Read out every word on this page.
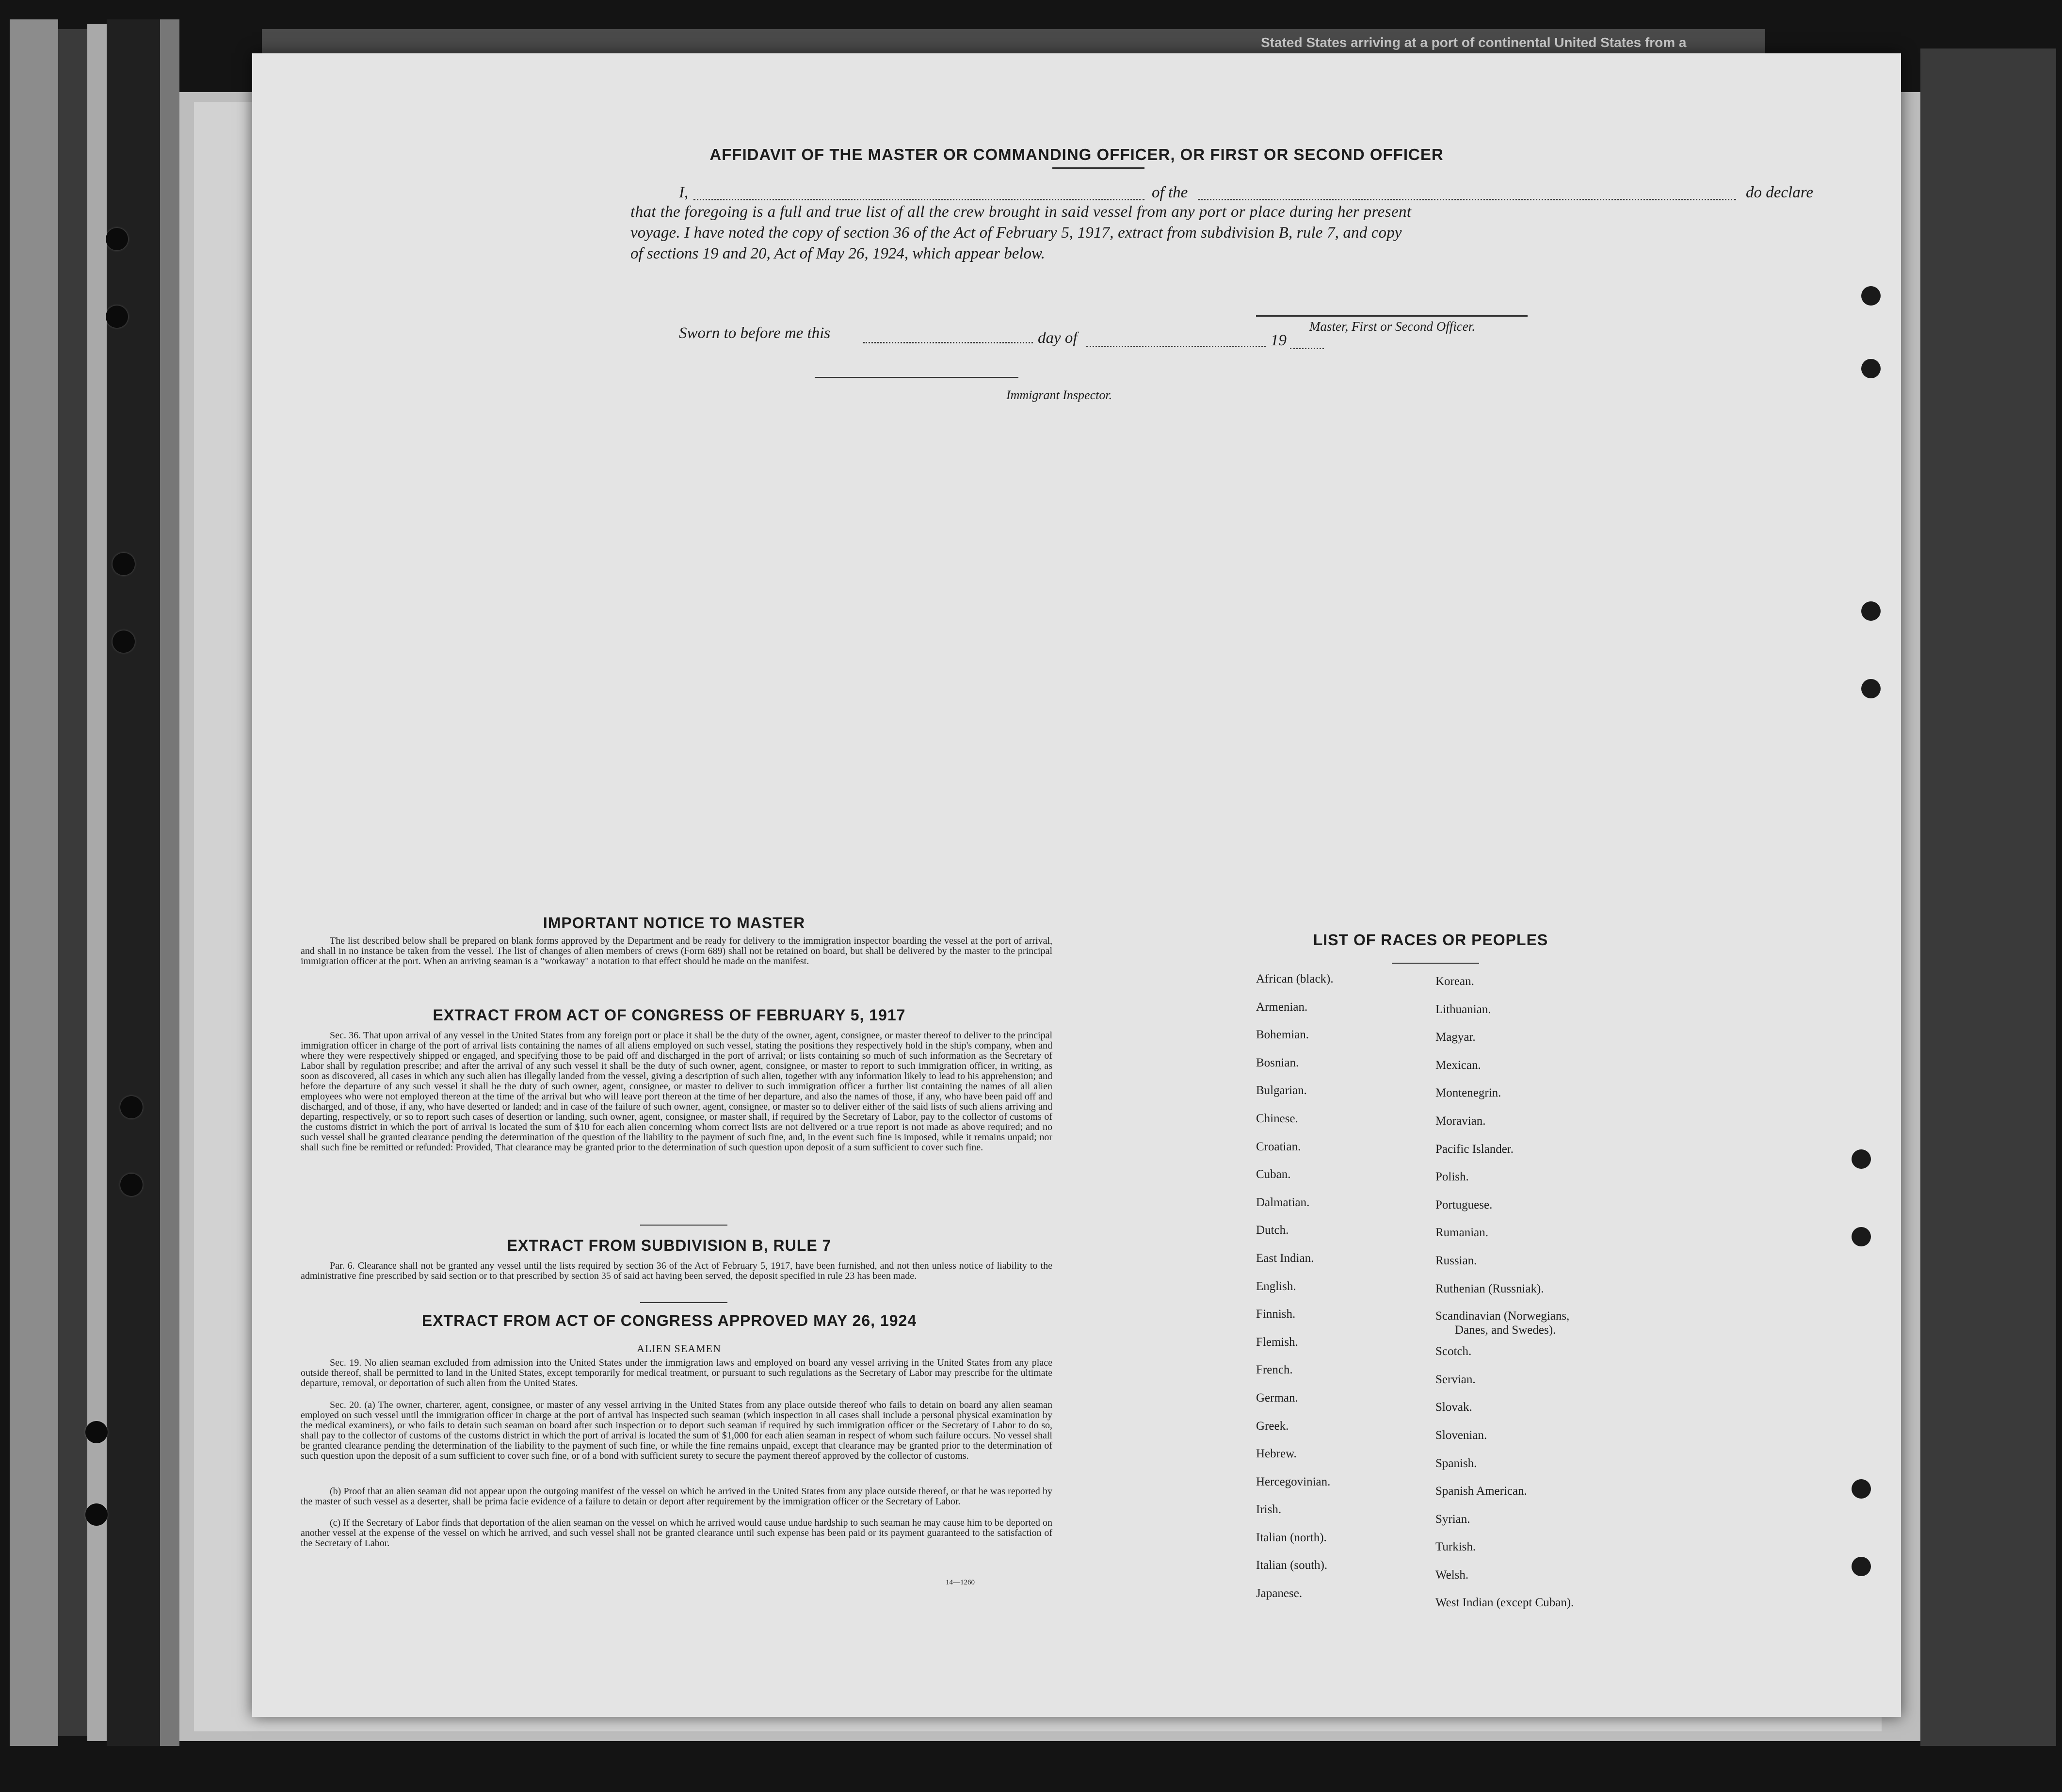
Stated States arriving at a port of continental United States from a
AFFIDAVIT OF THE MASTER OR COMMANDING OFFICER, OR FIRST OR SECOND OFFICER
I,	of the	do declare
that the foregoing is a full and true list of all the crew brought in said vessel from any port or place during her present
voyage. I have noted the copy of section 36 of the Act of February 5, 1917, extract from subdivision B, rule 7, and copy
of sections 19 and 20, Act of May 26, 1924, which appear below.
Master, First or Second Officer.
Sworn to before me this	day of	19
Immigrant Inspector.
IMPORTANT NOTICE TO MASTER
The list described below shall be prepared on blank forms approved by the Department and be ready for delivery to the immigration inspector boarding the vessel at the port of arrival, and shall in no instance be taken from the vessel. The list of changes of alien members of crews (Form 689) shall not be retained on board, but shall be delivered by the master to the principal immigration officer at the port. When an arriving seaman is a "workaway" a notation to that effect should be made on the manifest.
EXTRACT FROM ACT OF CONGRESS OF FEBRUARY 5, 1917
Sec. 36. That upon arrival of any vessel in the United States from any foreign port or place it shall be the duty of the owner, agent, consignee, or master thereof to deliver to the principal immigration officer in charge of the port of arrival lists containing the names of all aliens employed on such vessel, stating the positions they respectively hold in the ship's company, when and where they were respectively shipped or engaged, and specifying those to be paid off and discharged in the port of arrival; or lists containing so much of such information as the Secretary of Labor shall by regulation prescribe; and after the arrival of any such vessel it shall be the duty of such owner, agent, consignee, or master to report to such immigration officer, in writing, as soon as discovered, all cases in which any such alien has illegally landed from the vessel, giving a description of such alien, together with any information likely to lead to his apprehension; and before the departure of any such vessel it shall be the duty of such owner, agent, consignee, or master to deliver to such immigration officer a further list containing the names of all alien employees who were not employed thereon at the time of the arrival but who will leave port thereon at the time of her departure, and also the names of those, if any, who have been paid off and discharged, and of those, if any, who have deserted or landed; and in case of the failure of such owner, agent, consignee, or master so to deliver either of the said lists of such aliens arriving and departing, respectively, or so to report such cases of desertion or landing, such owner, agent, consignee, or master shall, if required by the Secretary of Labor, pay to the collector of customs of the customs district in which the port of arrival is located the sum of $10 for each alien concerning whom correct lists are not delivered or a true report is not made as above required; and no such vessel shall be granted clearance pending the determination of the question of the liability to the payment of such fine, and, in the event such fine is imposed, while it remains unpaid; nor shall such fine be remitted or refunded: Provided, That clearance may be granted prior to the determination of such question upon deposit of a sum sufficient to cover such fine.
EXTRACT FROM SUBDIVISION B, RULE 7
Par. 6. Clearance shall not be granted any vessel until the lists required by section 36 of the Act of February 5, 1917, have been furnished, and not then unless notice of liability to the administrative fine prescribed by said section or to that prescribed by section 35 of said act having been served, the deposit specified in rule 23 has been made.
EXTRACT FROM ACT OF CONGRESS APPROVED MAY 26, 1924
ALIEN SEAMEN
Sec. 19. No alien seaman excluded from admission into the United States under the immigration laws and employed on board any vessel arriving in the United States from any place outside thereof, shall be permitted to land in the United States, except temporarily for medical treatment, or pursuant to such regulations as the Secretary of Labor may prescribe for the ultimate departure, removal, or deportation of such alien from the United States.
Sec. 20. (a) The owner, charterer, agent, consignee, or master of any vessel arriving in the United States from any place outside thereof who fails to detain on board any alien seaman employed on such vessel until the immigration officer in charge at the port of arrival has inspected such seaman (which inspection in all cases shall include a personal physical examination by the medical examiners), or who fails to detain such seaman on board after such inspection or to deport such seaman if required by such immigration officer or the Secretary of Labor to do so, shall pay to the collector of customs of the customs district in which the port of arrival is located the sum of $1,000 for each alien seaman in respect of whom such failure occurs. No vessel shall be granted clearance pending the determination of the liability to the payment of such fine, or while the fine remains unpaid, except that clearance may be granted prior to the determination of such question upon the deposit of a sum sufficient to cover such fine, or of a bond with sufficient surety to secure the payment thereof approved by the collector of customs.
(b) Proof that an alien seaman did not appear upon the outgoing manifest of the vessel on which he arrived in the United States from any place outside thereof, or that he was reported by the master of such vessel as a deserter, shall be prima facie evidence of a failure to detain or deport after requirement by the immigration officer or the Secretary of Labor.
(c) If the Secretary of Labor finds that deportation of the alien seaman on the vessel on which he arrived would cause undue hardship to such seaman he may cause him to be deported on another vessel at the expense of the vessel on which he arrived, and such vessel shall not be granted clearance until such expense has been paid or its payment guaranteed to the satisfaction of the Secretary of Labor.
14—1260
LIST OF RACES OR PEOPLES
African (black).
Armenian.
Bohemian.
Bosnian.
Bulgarian.
Chinese.
Croatian.
Cuban.
Dalmatian.
Dutch.
East Indian.
English.
Finnish.
Flemish.
French.
German.
Greek.
Hebrew.
Hercegovinian.
Irish.
Italian (north).
Italian (south).
Japanese.
Korean.
Lithuanian.
Magyar.
Mexican.
Montenegrin.
Moravian.
Pacific Islander.
Polish.
Portuguese.
Rumanian.
Russian.
Ruthenian (Russniak).
Scandinavian (Norwegians,
Danes, and Swedes).
Scotch.
Servian.
Slovak.
Slovenian.
Spanish.
Spanish American.
Syrian.
Turkish.
Welsh.
West Indian (except Cuban).
